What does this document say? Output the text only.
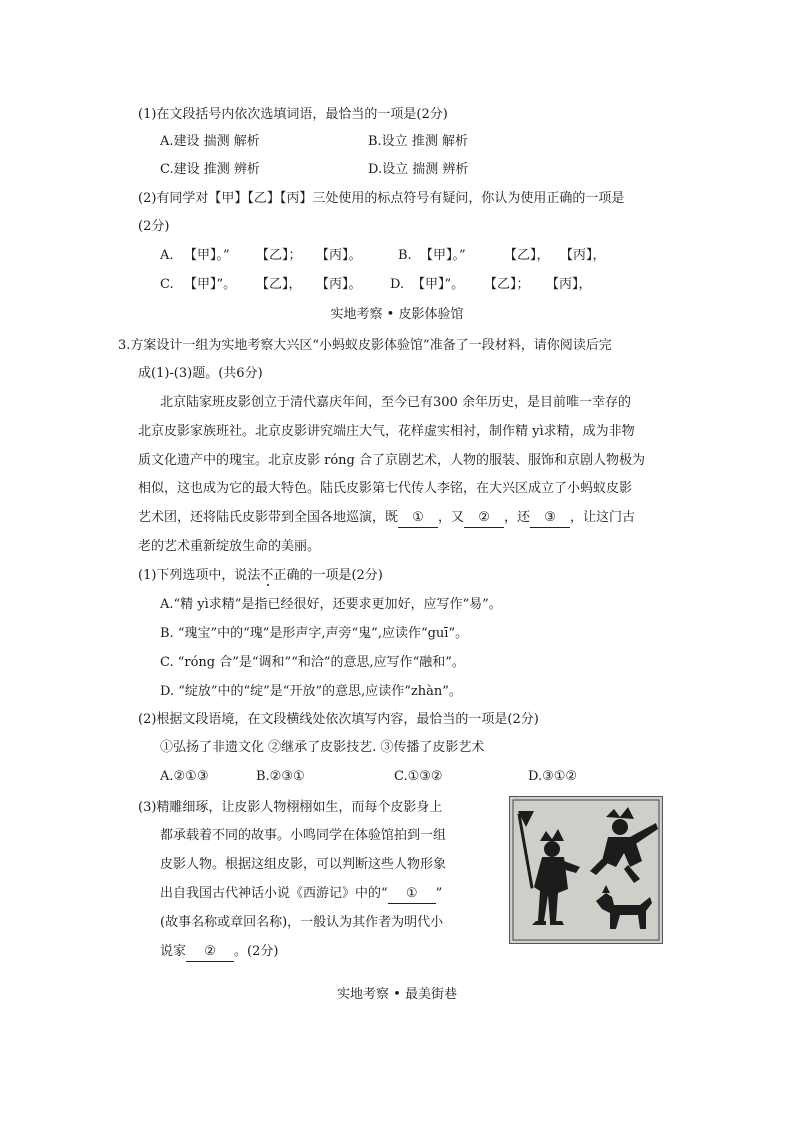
(1)在文段括号内依次选填词语，最恰当的一项是(2分)
A.建设 揣测 解析	B.设立 推测 解析
C.建设 推测 辨析	D.设立 揣测 辨析
(2)有同学对【甲】【乙】【丙】三处使用的标点符号有疑问，你认为使用正确的一项是
(2分)
A. 【甲】。” 【乙】； 【丙】。	B. 【甲】。”	【乙】， 【丙】，
C. 【甲】”。 【乙】， 【丙】。 D. 【甲】”。 【乙】； 【丙】，
实地考察 • 皮影体验馆
3.方案设计一组为实地考察大兴区“小蚂蚁皮影体验馆”准备了一段材料，请你阅读后完
成(1)-(3)题。(共6分)
北京陆家班皮影创立于清代嘉庆年间，至今已有300 余年历史，是目前唯一幸存的
北京皮影家族班社。北京皮影讲究端庄大气，花样虚实相衬，制作精 yì求精，成为非物
质文化遗产中的瑰宝。北京皮影 róng 合了京剧艺术，人物的服装、服饰和京剧人物极为
相似，这也成为它的最大特色。陆氏皮影第七代传人李铭，在大兴区成立了小蚂蚁皮影
艺术团，还将陆氏皮影带到全国各地巡演，既 ① ，又 ② ，还 ③ ，让这门古
老的艺术重新绽放生命的美丽。
(1)下列选项中，说法不正确的一项是(2分)
A.“精 yì求精”是指已经很好，还要求更加好，应写作“易”。
B. “瑰宝”中的“瑰”是形声字,声旁“鬼”,应读作“guī”。
C. “róng 合”是“调和”“和洽”的意思,应写作“融和”。
D. “绽放”中的“绽”是“开放”的意思,应读作“zhàn”。
(2)根据文段语境，在文段横线处依次填写内容，最恰当的一项是(2分)
①弘扬了非遗文化 ②继承了皮影技艺. ③传播了皮影艺术
A.②①③	B.②③①	C.①③②	D.③①②
(3)精雕细琢，让皮影人物栩栩如生，而每个皮影身上
都承载着不同的故事。小鸣同学在体验馆拍到一组
皮影人物。根据这组皮影，可以判断这些人物形象
出自我国古代神话小说《西游记》中的“ ① ”
(故事名称或章回名称)，一般认为其作者为明代小
说家 ② 。(2分)
实地考察 • 最美街巷
